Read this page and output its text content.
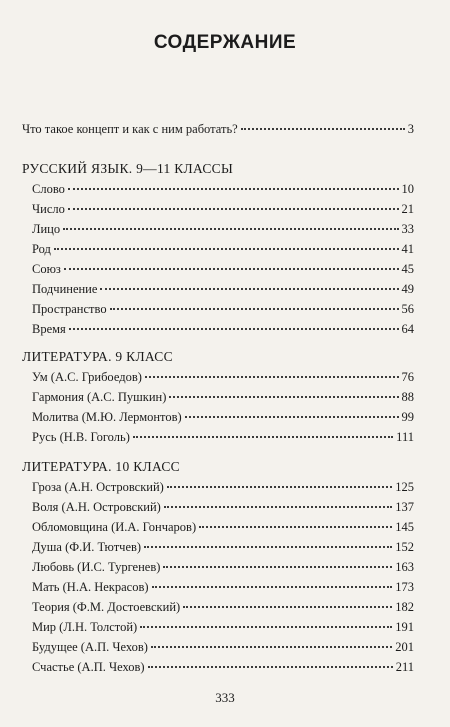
СОДЕРЖАНИЕ
Что такое концепт и как с ним работать?	3
РУССКИЙ ЯЗЫК. 9—11 КЛАССЫ
Слово	10
Число	21
Лицо	33
Род	41
Союз	45
Подчинение	49
Пространство	56
Время	64
ЛИТЕРАТУРА. 9 КЛАСС
Ум (А.С. Грибоедов)	76
Гармония (А.С. Пушкин)	88
Молитва (М.Ю. Лермонтов)	99
Русь (Н.В. Гоголь)	111
ЛИТЕРАТУРА. 10 КЛАСС
Гроза (А.Н. Островский)	125
Воля (А.Н. Островский)	137
Обломовщина (И.А. Гончаров)	145
Душа (Ф.И. Тютчев)	152
Любовь (И.С. Тургенев)	163
Мать (Н.А. Некрасов)	173
Теория (Ф.М. Достоевский)	182
Мир (Л.Н. Толстой)	191
Будущее (А.П. Чехов)	201
Счастье (А.П. Чехов)	211
333
